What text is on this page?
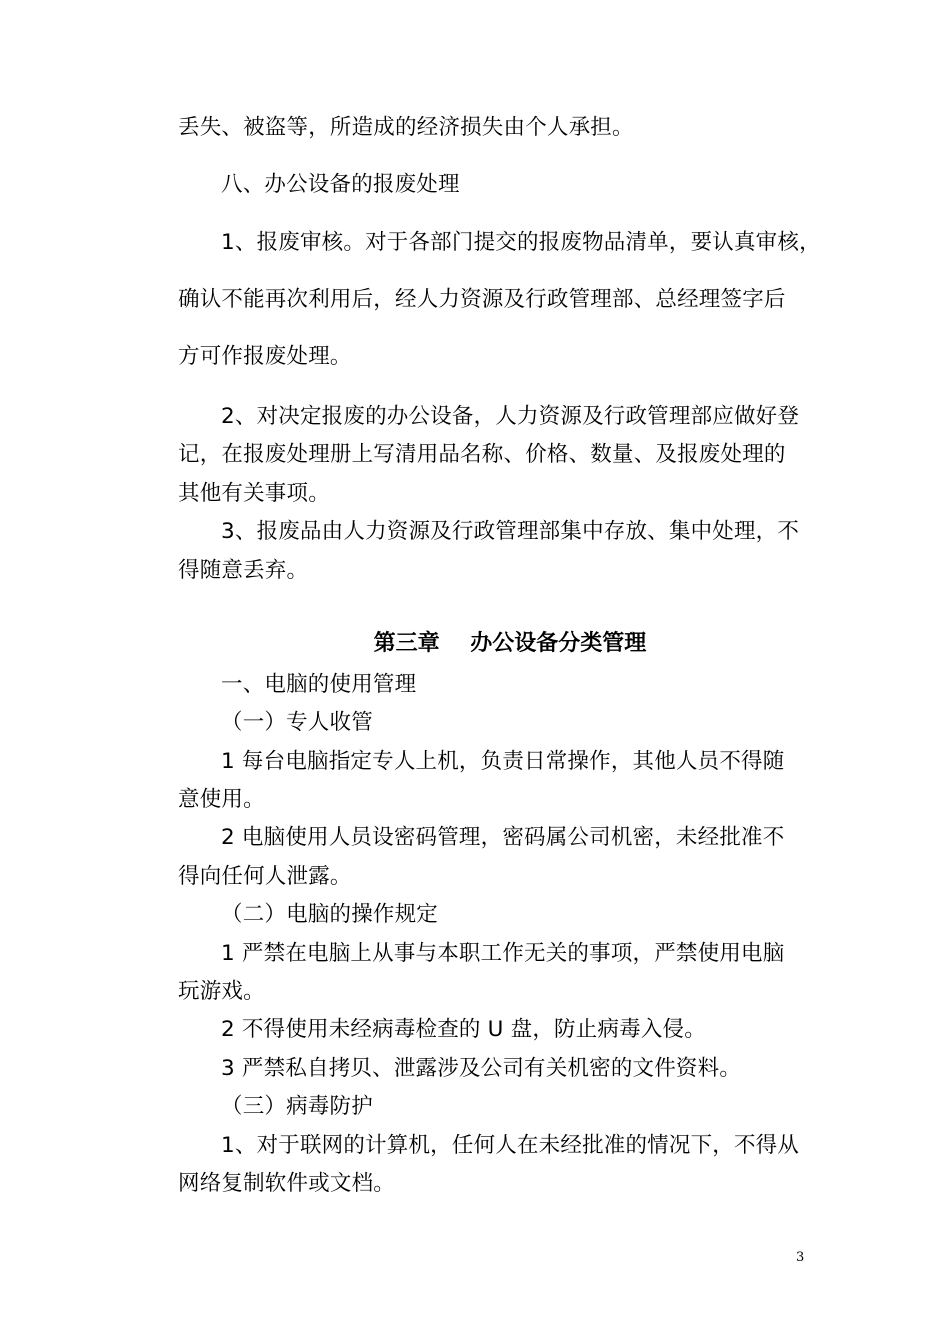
丢失、被盗等，所造成的经济损失由个人承担。
八、办公设备的报废处理
1、报废审核。对于各部门提交的报废物品清单，要认真审核，
确认不能再次利用后，经人力资源及行政管理部、总经理签字后
方可作报废处理。
2、对决定报废的办公设备，人力资源及行政管理部应做好登
记，在报废处理册上写清用品名称、价格、数量、及报废处理的
其他有关事项。
3、报废品由人力资源及行政管理部集中存放、集中处理，不
得随意丢弃。
第三章    办公设备分类管理
一、电脑的使用管理
（一）专人收管
1 每台电脑指定专人上机，负责日常操作，其他人员不得随
意使用。
2 电脑使用人员设密码管理，密码属公司机密，未经批准不
得向任何人泄露。
（二）电脑的操作规定
1 严禁在电脑上从事与本职工作无关的事项，严禁使用电脑
玩游戏。
2 不得使用未经病毒检查的 U 盘，防止病毒入侵。
3 严禁私自拷贝、泄露涉及公司有关机密的文件资料。
（三）病毒防护
1、对于联网的计算机，任何人在未经批准的情况下，不得从
网络复制软件或文档。
3
